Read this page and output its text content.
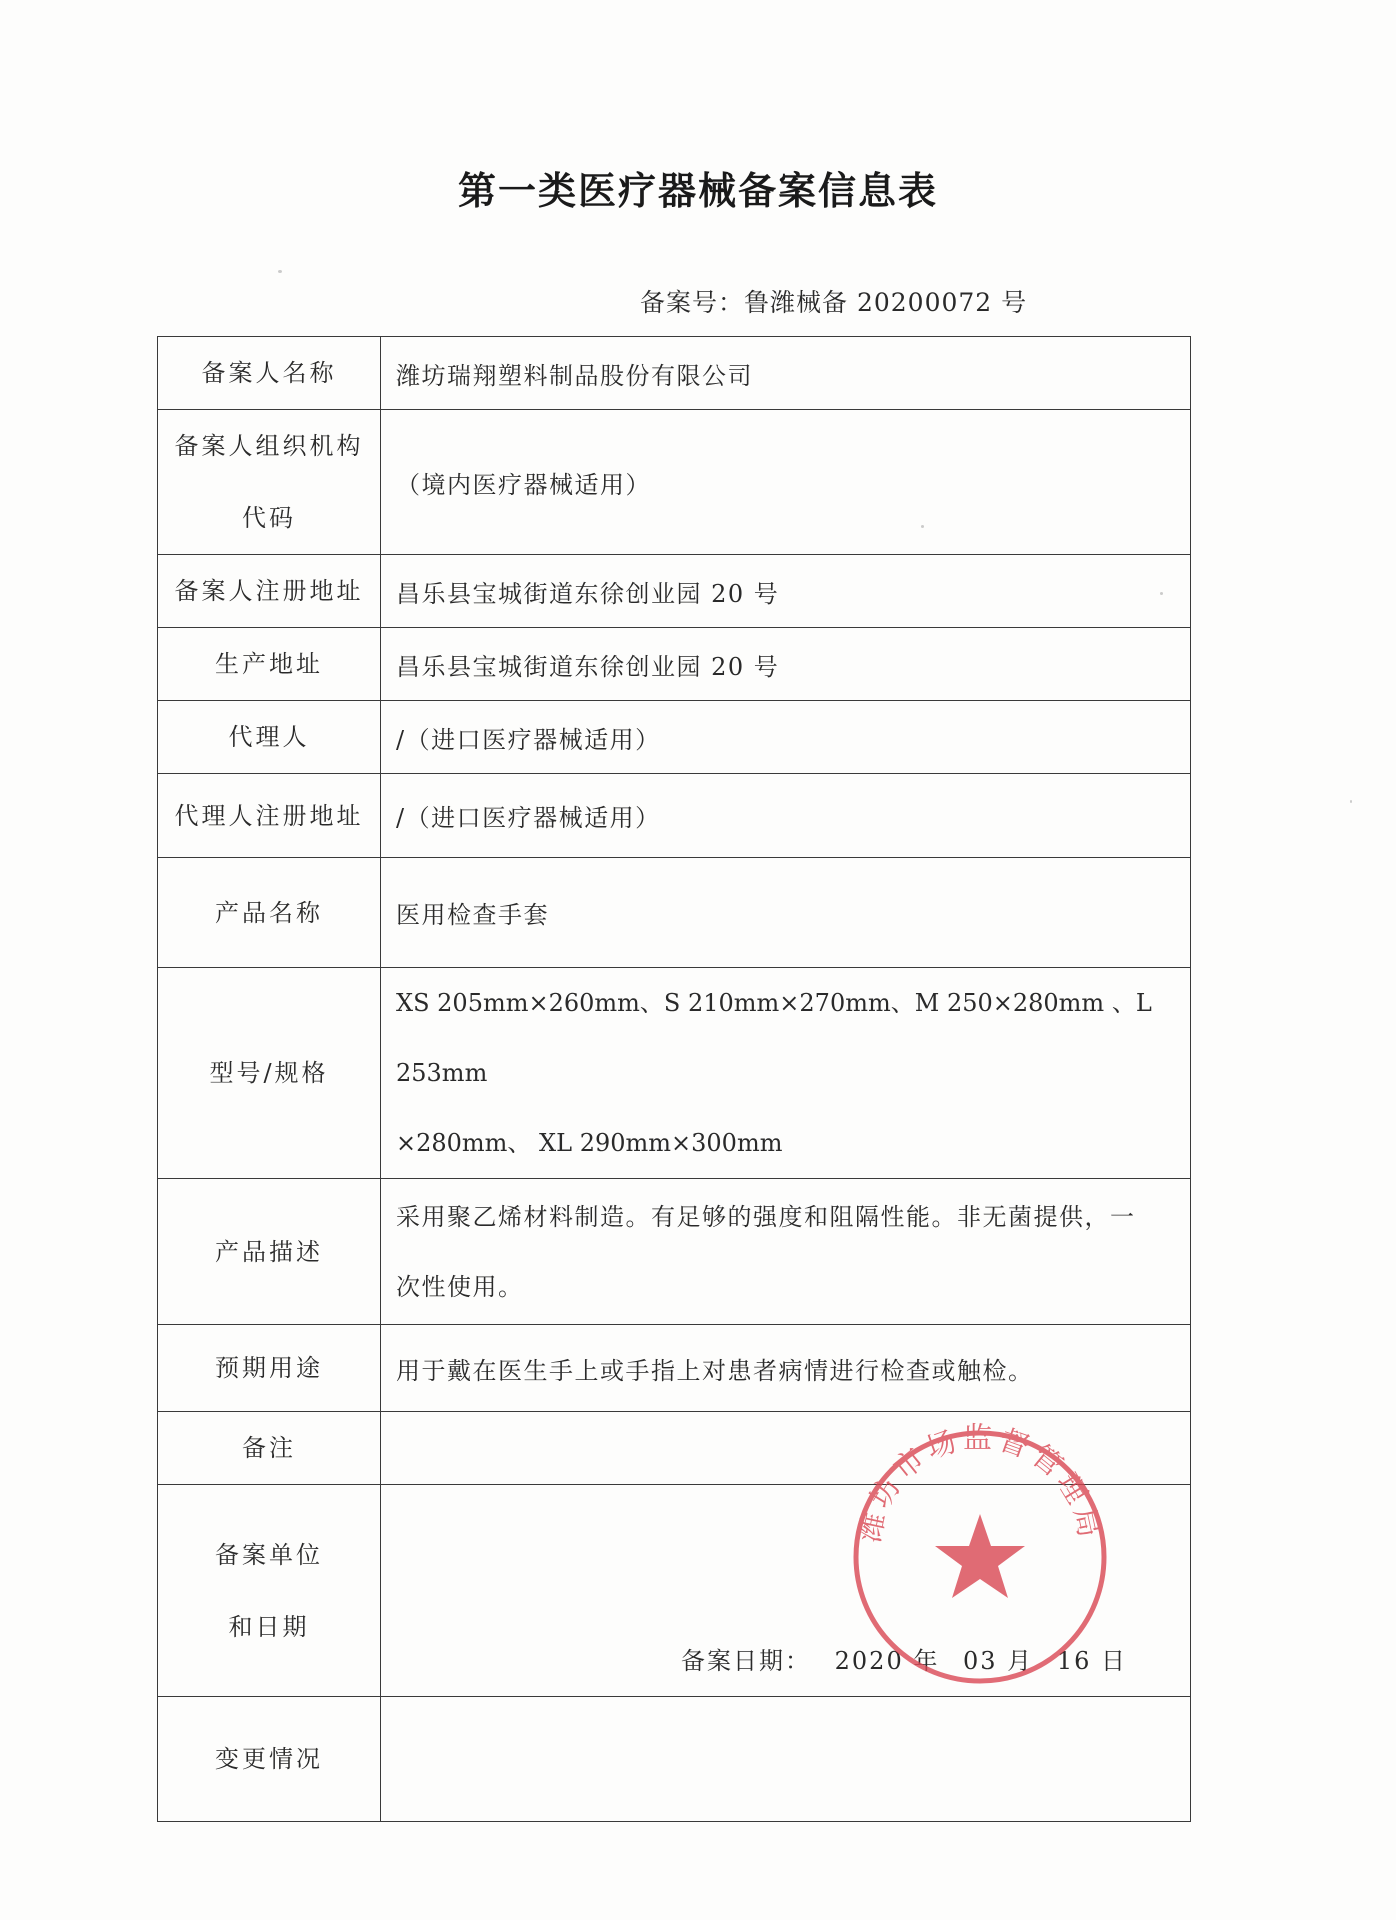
第一类医疗器械备案信息表
备案号：鲁潍械备 20200072 号
备案人名称	潍坊瑞翔塑料制品股份有限公司

备案人组织机构
代码	（境内医疗器械适用）
备案人注册地址	昌乐县宝城街道东徐创业园 20 号
生产地址	昌乐县宝城街道东徐创业园 20 号
代理人	/（进口医疗器械适用）
代理人注册地址	/（进口医疗器械适用）
产品名称	医用检查手套
型号/规格	XS 205mm×260mm、S 210mm×270mm、M 250×280mm 、L 253mm
×280mm、 XL 290mm×300mm

产品描述	采用聚乙烯材料制造。有足够的强度和阻隔性能。非无菌提供，一
次性使用。

预期用途	用于戴在医生手上或手指上对患者病情进行检查或触检。
备注	

备案单位
和日期	备案日期： 2020 年 03 月 16 日

变更情况	
潍坊市场监督管理局
